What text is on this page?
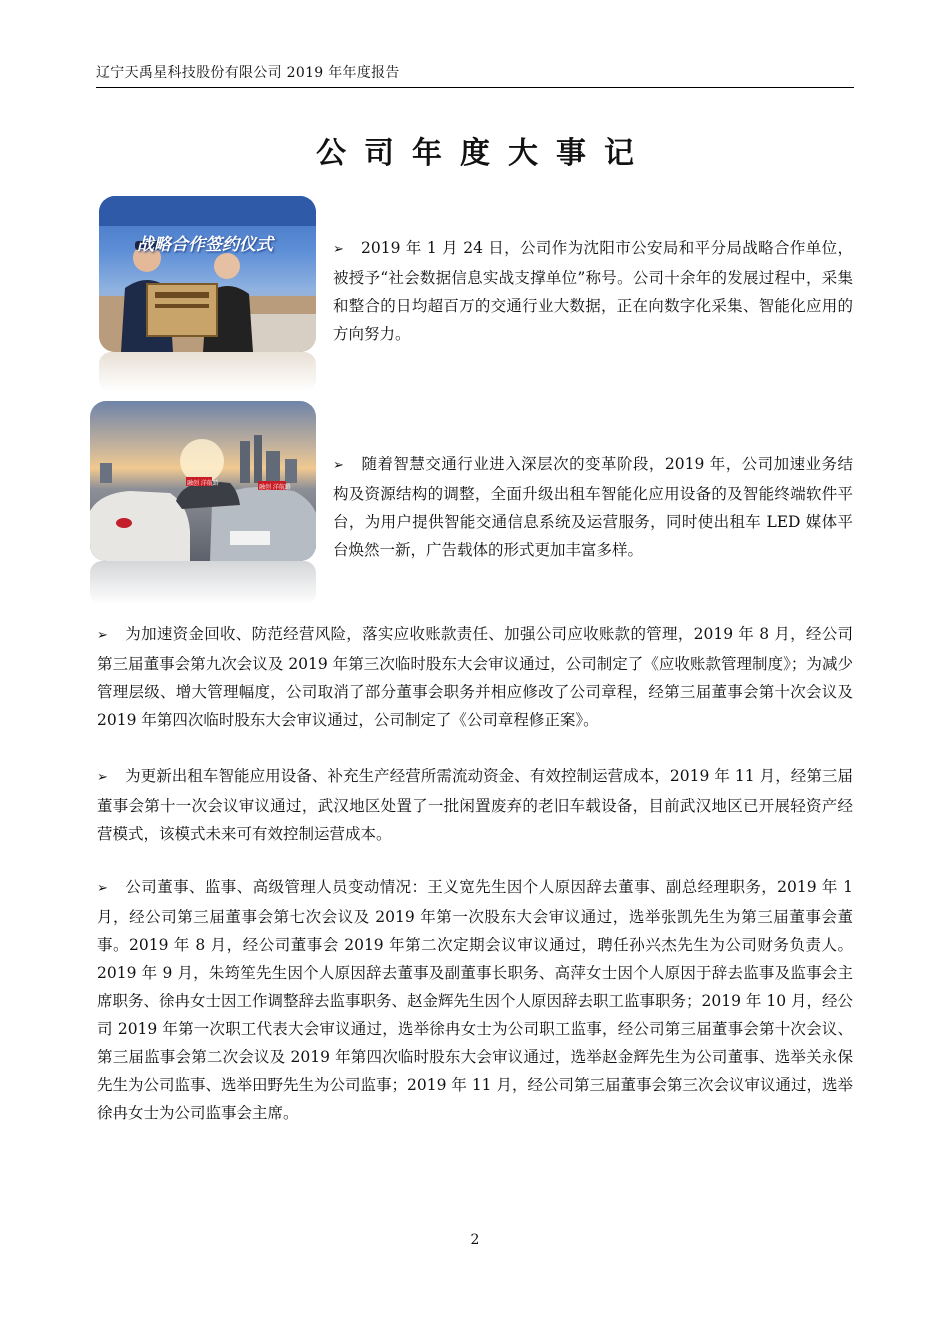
辽宁天禹星科技股份有限公司 2019 年年度报告
公司年度大事记
战略合作签约仪式
融创 洋航路
融创 洋航路

➢ 2019 年 1 月 24 日，公司作为沈阳市公安局和平分局战略合作单位，被授予“社会数据信息实战支撑单位”称号。公司十余年的发展过程中，采集和整合的日均超百万的交通行业大数据，正在向数字化采集、智能化应用的方向努力。

➢ 随着智慧交通行业进入深层次的变革阶段，2019 年，公司加速业务结构及资源结构的调整，全面升级出租车智能化应用设备的及智能终端软件平台，为用户提供智能交通信息系统及运营服务，同时使出租车 LED 媒体平台焕然一新，广告载体的形式更加丰富多样。

➢ 为加速资金回收、防范经营风险，落实应收账款责任、加强公司应收账款的管理，2019 年 8 月，经公司第三届董事会第九次会议及 2019 年第三次临时股东大会审议通过，公司制定了《应收账款管理制度》；为减少管理层级、增大管理幅度，公司取消了部分董事会职务并相应修改了公司章程，经第三届董事会第十次会议及 2019 年第四次临时股东大会审议通过，公司制定了《公司章程修正案》。

➢ 为更新出租车智能应用设备、补充生产经营所需流动资金、有效控制运营成本，2019 年 11 月，经第三届董事会第十一次会议审议通过，武汉地区处置了一批闲置废弃的老旧车载设备，目前武汉地区已开展轻资产经营模式，该模式未来可有效控制运营成本。

➢ 公司董事、监事、高级管理人员变动情况：王义宽先生因个人原因辞去董事、副总经理职务，2019 年 1 月，经公司第三届董事会第七次会议及 2019 年第一次股东大会审议通过，选举张凯先生为第三届董事会董事。2019 年 8 月，经公司董事会 2019 年第二次定期会议审议通过，聘任孙兴杰先生为公司财务负责人。2019 年 9 月，朱筠笙先生因个人原因辞去董事及副董事长职务、高萍女士因个人原因于辞去监事及监事会主席职务、徐冉女士因工作调整辞去监事职务、赵金辉先生因个人原因辞去职工监事职务；2019 年 10 月，经公司 2019 年第一次职工代表大会审议通过，选举徐冉女士为公司职工监事，经公司第三届董事会第十次会议、第三届监事会第二次会议及 2019 年第四次临时股东大会审议通过，选举赵金辉先生为公司董事、选举关永保先生为公司监事、选举田野先生为公司监事；2019 年 11 月，经公司第三届董事会第三次会议审议通过，选举徐冉女士为公司监事会主席。

2
